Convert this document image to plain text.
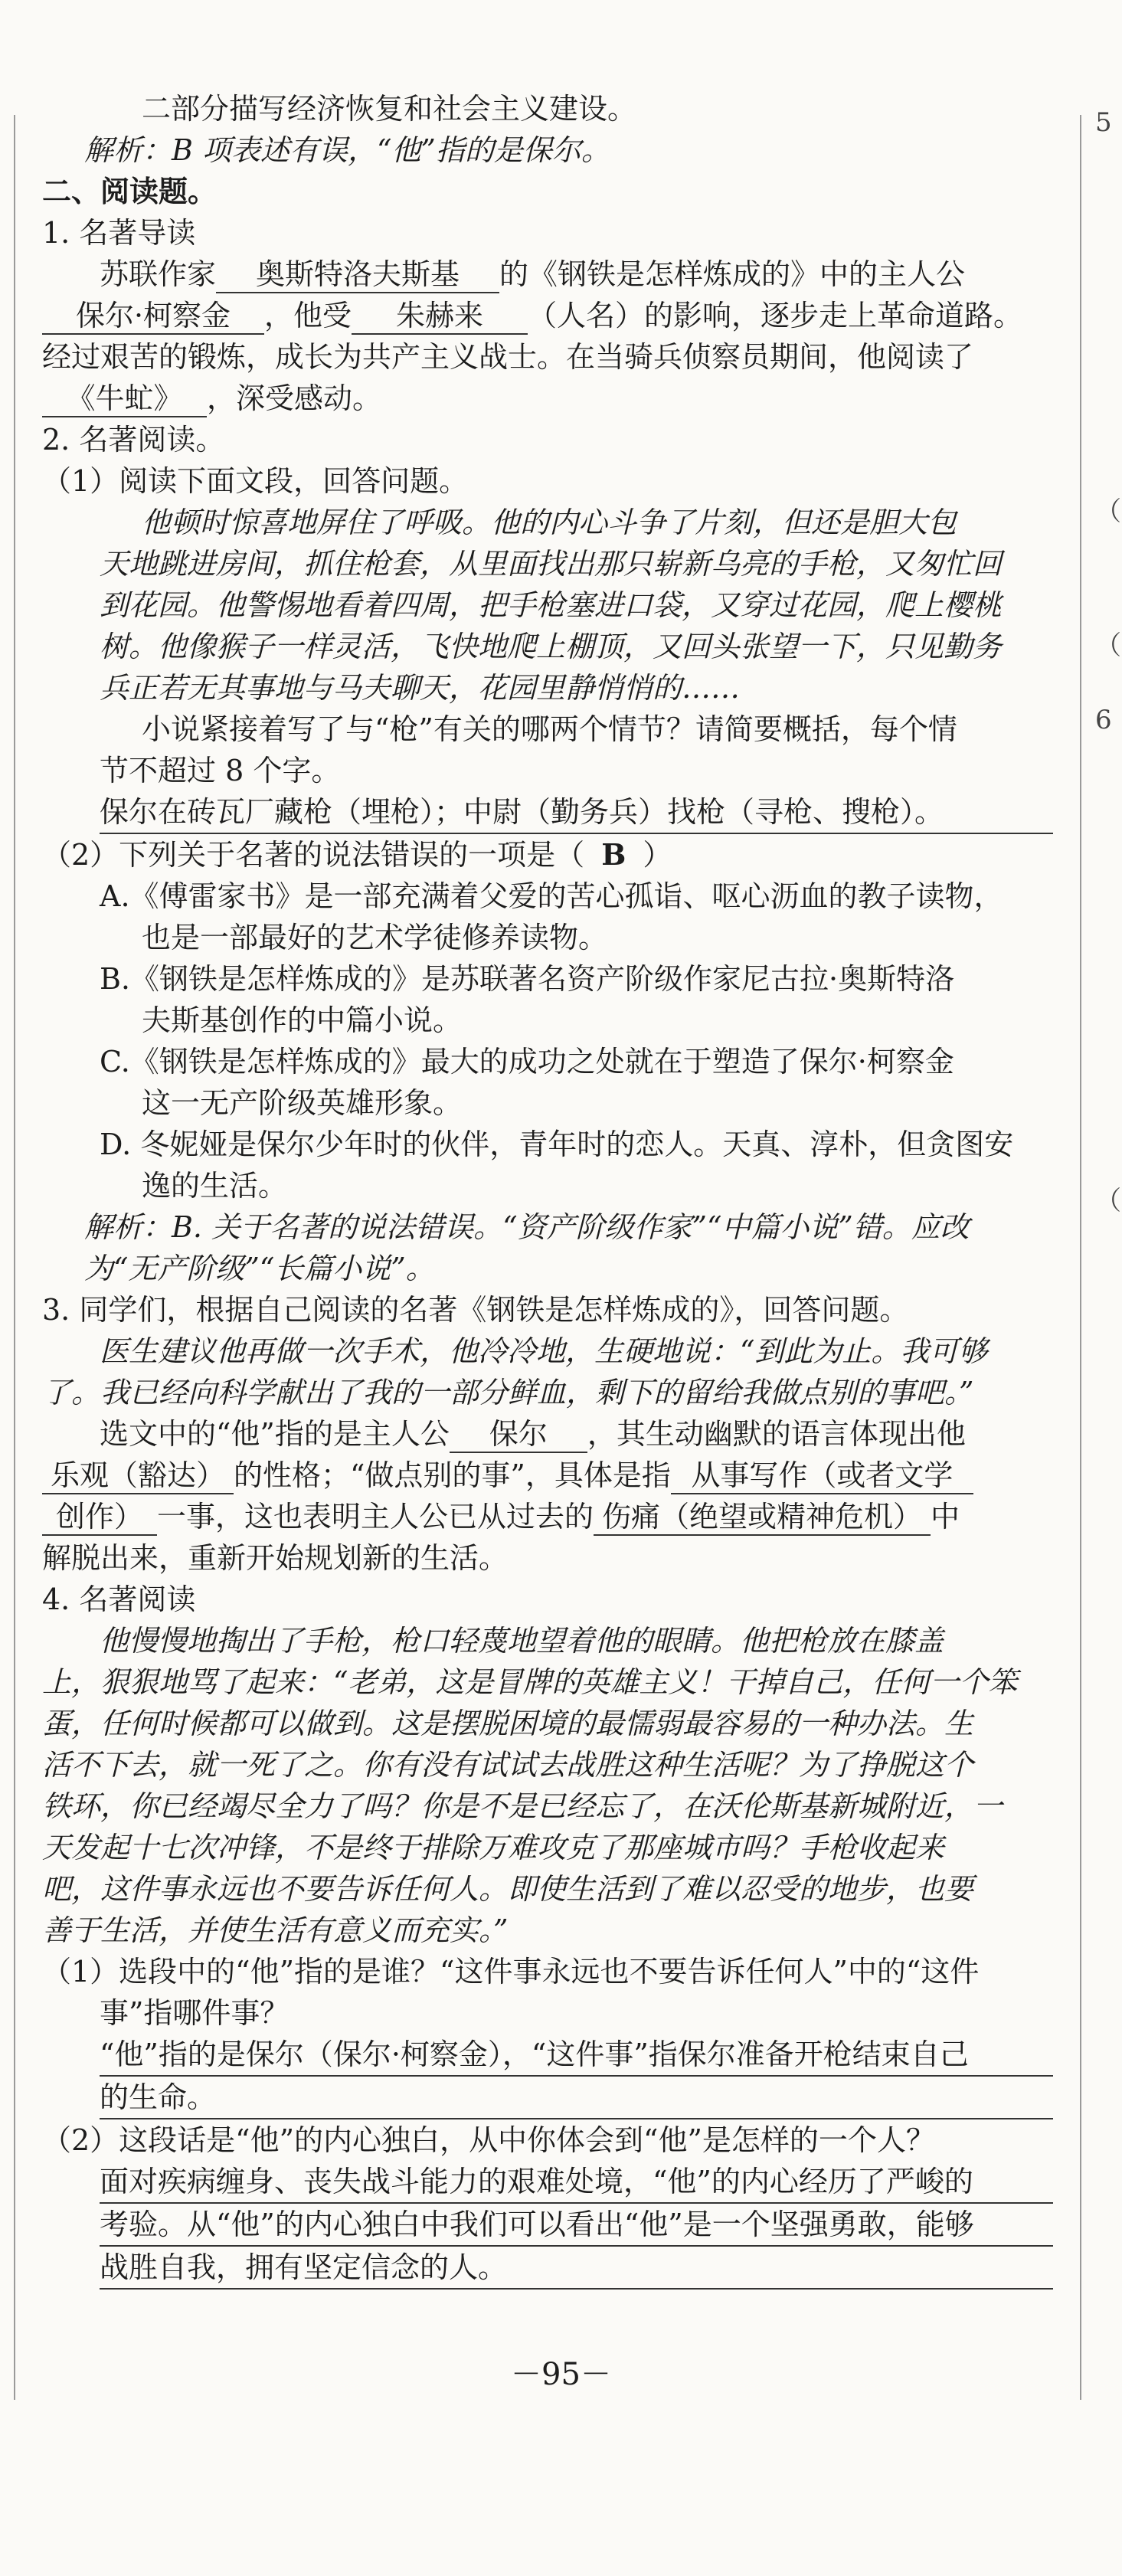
5
（
（
6
（
二部分描写经济恢复和社会主义建设。
解析：B 项表述有误，“他”指的是保尔。
二、阅读题。
1. 名著导读
苏联作家 奥斯特洛夫斯基 的《钢铁是怎样炼成的》中的主人公
保尔·柯察金 ，他受 朱赫来 （人名）的影响，逐步走上革命道路。
经过艰苦的锻炼，成长为共产主义战士。在当骑兵侦察员期间，他阅读了
《牛虻》 ，深受感动。
2. 名著阅读。
（1）阅读下面文段，回答问题。
他顿时惊喜地屏住了呼吸。他的内心斗争了片刻，但还是胆大包
天地跳进房间，抓住枪套，从里面找出那只崭新乌亮的手枪，又匆忙回
到花园。他警惕地看着四周，把手枪塞进口袋，又穿过花园，爬上樱桃
树。他像猴子一样灵活，飞快地爬上棚顶，又回头张望一下，只见勤务
兵正若无其事地与马夫聊天，花园里静悄悄的……
小说紧接着写了与“枪”有关的哪两个情节？请简要概括，每个情
节不超过 8 个字。
保尔在砖瓦厂藏枪（埋枪）；中尉（勤务兵）找枪（寻枪、搜枪）。
（2）下列关于名著的说法错误的一项是（ B ）
A.《傅雷家书》是一部充满着父爱的苦心孤诣、呕心沥血的教子读物，
也是一部最好的艺术学徒修养读物。
B.《钢铁是怎样炼成的》是苏联著名资产阶级作家尼古拉·奥斯特洛
夫斯基创作的中篇小说。
C.《钢铁是怎样炼成的》最大的成功之处就在于塑造了保尔·柯察金
这一无产阶级英雄形象。
D. 冬妮娅是保尔少年时的伙伴，青年时的恋人。天真、淳朴，但贪图安
逸的生活。
解析：B. 关于名著的说法错误。“资产阶级作家”“中篇小说”错。应改
为“无产阶级”“长篇小说”。
3. 同学们，根据自己阅读的名著《钢铁是怎样炼成的》，回答问题。
医生建议他再做一次手术，他冷冷地，生硬地说：“到此为止。我可够
了。我已经向科学献出了我的一部分鲜血，剩下的留给我做点别的事吧。”
选文中的“他”指的是主人公 保尔 ，其生动幽默的语言体现出他
乐观（豁达） 的性格；“做点别的事”，具体是指 从事写作（或者文学
创作） 一事，这也表明主人公已从过去的 伤痛（绝望或精神危机） 中
解脱出来，重新开始规划新的生活。
4. 名著阅读
他慢慢地掏出了手枪，枪口轻蔑地望着他的眼睛。他把枪放在膝盖
上，狠狠地骂了起来：“老弟，这是冒牌的英雄主义！干掉自己，任何一个笨
蛋，任何时候都可以做到。这是摆脱困境的最懦弱最容易的一种办法。生
活不下去，就一死了之。你有没有试试去战胜这种生活呢？为了挣脱这个
铁环，你已经竭尽全力了吗？你是不是已经忘了，在沃伦斯基新城附近，一
天发起十七次冲锋，不是终于排除万难攻克了那座城市吗？手枪收起来
吧，这件事永远也不要告诉任何人。即使生活到了难以忍受的地步，也要
善于生活，并使生活有意义而充实。”
（1）选段中的“他”指的是谁？“这件事永远也不要告诉任何人”中的“这件
事”指哪件事？
“他”指的是保尔（保尔·柯察金），“这件事”指保尔准备开枪结束自己
的生命。
（2）这段话是“他”的内心独白，从中你体会到“他”是怎样的一个人？
面对疾病缠身、丧失战斗能力的艰难处境，“他”的内心经历了严峻的
考验。从“他”的内心独白中我们可以看出“他”是一个坚强勇敢，能够
战胜自我，拥有坚定信念的人。
－95－
